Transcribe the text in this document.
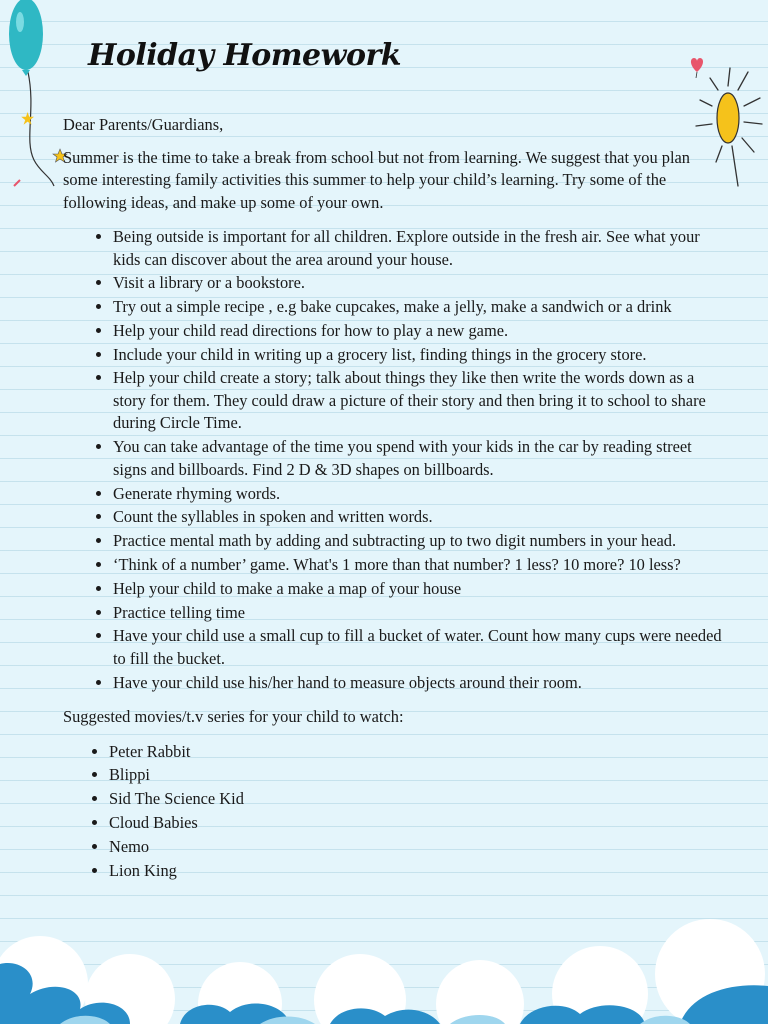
Holiday Homework

Dear Parents/Guardians,

Summer is the time to take a break from school but not from learning. We suggest that you plan some interesting family activities this summer to help your child’s learning. Try some of the following ideas, and make up some of your own.

• Being outside is important for all children. Explore outside in the fresh air. See what your kids can discover about the area around your house.
• Visit a library or a bookstore.
• Try out a simple recipe , e.g bake cupcakes, make a jelly, make a sandwich or a drink
• Help your child read directions for how to play a new game.
• Include your child in writing up a grocery list, finding things in the grocery store.
• Help your child create a story; talk about things they like then write the words down as a story for them. They could draw a picture of their story and then bring it to school to share during Circle Time.
• You can take advantage of the time you spend with your kids in the car by reading street signs and billboards. Find 2 D & 3D shapes on billboards.
• Generate rhyming words.
• Count the syllables in spoken and written words.
• Practice mental math by adding and subtracting up to two digit numbers in your head.
• ‘Think of a number’ game. What's 1 more than that number? 1 less? 10 more? 10 less?
• Help your child to make a make a map of your house
• Practice telling time
• Have your child use a small cup to fill a bucket of water. Count how many cups were needed to fill the bucket.
• Have your child use his/her hand to measure objects around their room.

Suggested movies/t.v series for your child to watch:

• Peter Rabbit
• Blippi
• Sid The Science Kid
• Cloud Babies
• Nemo
• Lion King
